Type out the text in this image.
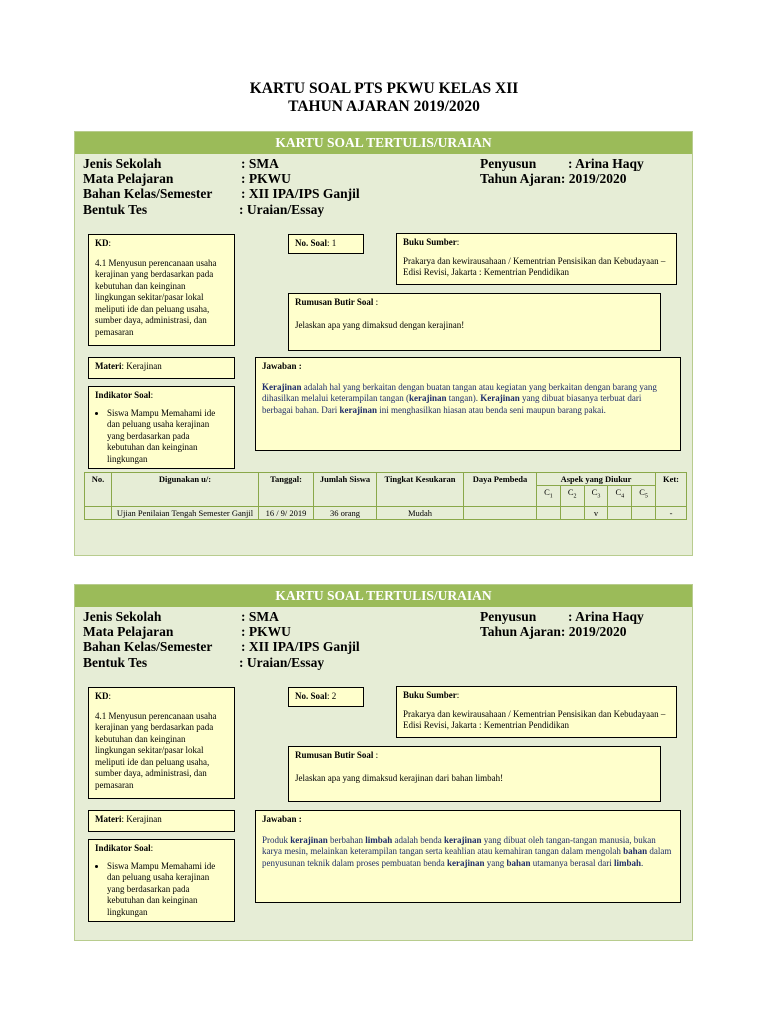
KARTU SOAL PTS PKWU KELAS XII
TAHUN AJARAN 2019/2020
KARTU SOAL TERTULIS/URAIAN
Jenis Sekolah	: SMA
Mata Pelajaran	: PKWU
Bahan Kelas/Semester : XII IPA/IPS Ganjil
Bentuk Tes	: Uraian/Essay
Penyusun : Arina Haqy
Tahun Ajaran: 2019/2020
KD:
4.1 Menyusun perencanaan usaha kerajinan yang berdasarkan pada kebutuhan dan keinginan lingkungan sekitar/pasar lokal meliputi ide dan peluang usaha, sumber daya, administrasi, dan pemasaran
No. Soal: 1	Buku Sumber:
Prakarya dan kewirausahaan / Kementrian Pensisikan dan Kebudayaan – Edisi Revisi, Jakarta : Kementrian Pendidikan
Rumusan Butir Soal :
Jelaskan apa yang dimaksud dengan kerajinan!
Materi: Kerajinan	Jawaban :
Kerajinan adalah hal yang berkaitan dengan buatan tangan atau kegiatan yang berkaitan dengan barang yang dihasilkan melalui keterampilan tangan (kerajinan tangan). Kerajinan yang dibuat biasanya terbuat dari berbagai bahan. Dari kerajinan ini menghasilkan hiasan atau benda seni maupun barang pakai.
Indikator Soal:
• Siswa Mampu Memahami ide dan peluang usaha kerajinan yang berdasarkan pada kebutuhan dan keinginan lingkungan
No.	Digunakan u/:	Tanggal:	Jumlah Siswa	Tingkat Kesukaran	Daya Pembeda	Aspek yang Diukur					Ket:
						$C_1$	$C_2$	$C_3$	$C_4$	$C_5$
	Ujian Penilaian Tengah Semester Ganjil	16 / 9/ 2019	36 orang	Mudah				v			-
KARTU SOAL TERTULIS/URAIAN
Jenis Sekolah	: SMA
Mata Pelajaran	: PKWU
Bahan Kelas/Semester : XII IPA/IPS Ganjil
Bentuk Tes	: Uraian/Essay
Penyusun : Arina Haqy
Tahun Ajaran: 2019/2020
KD:
4.1 Menyusun perencanaan usaha kerajinan yang berdasarkan pada kebutuhan dan keinginan lingkungan sekitar/pasar lokal meliputi ide dan peluang usaha, sumber daya, administrasi, dan pemasaran
No. Soal: 2	Buku Sumber:
Prakarya dan kewirausahaan / Kementrian Pensisikan dan Kebudayaan – Edisi Revisi, Jakarta : Kementrian Pendidikan
Rumusan Butir Soal :
Jelaskan apa yang dimaksud kerajinan dari bahan limbah!
Materi: Kerajinan	Jawaban :
Produk kerajinan berbahan limbah adalah benda kerajinan yang dibuat oleh tangan-tangan manusia, bukan karya mesin, melainkan keterampilan tangan serta keahlian atau kemahiran tangan dalam mengolah bahan dalam penyusunan teknik dalam proses pembuatan benda kerajinan yang bahan utamanya berasal dari limbah.
Indikator Soal:
• Siswa Mampu Memahami ide dan peluang usaha kerajinan yang berdasarkan pada kebutuhan dan keinginan lingkungan
